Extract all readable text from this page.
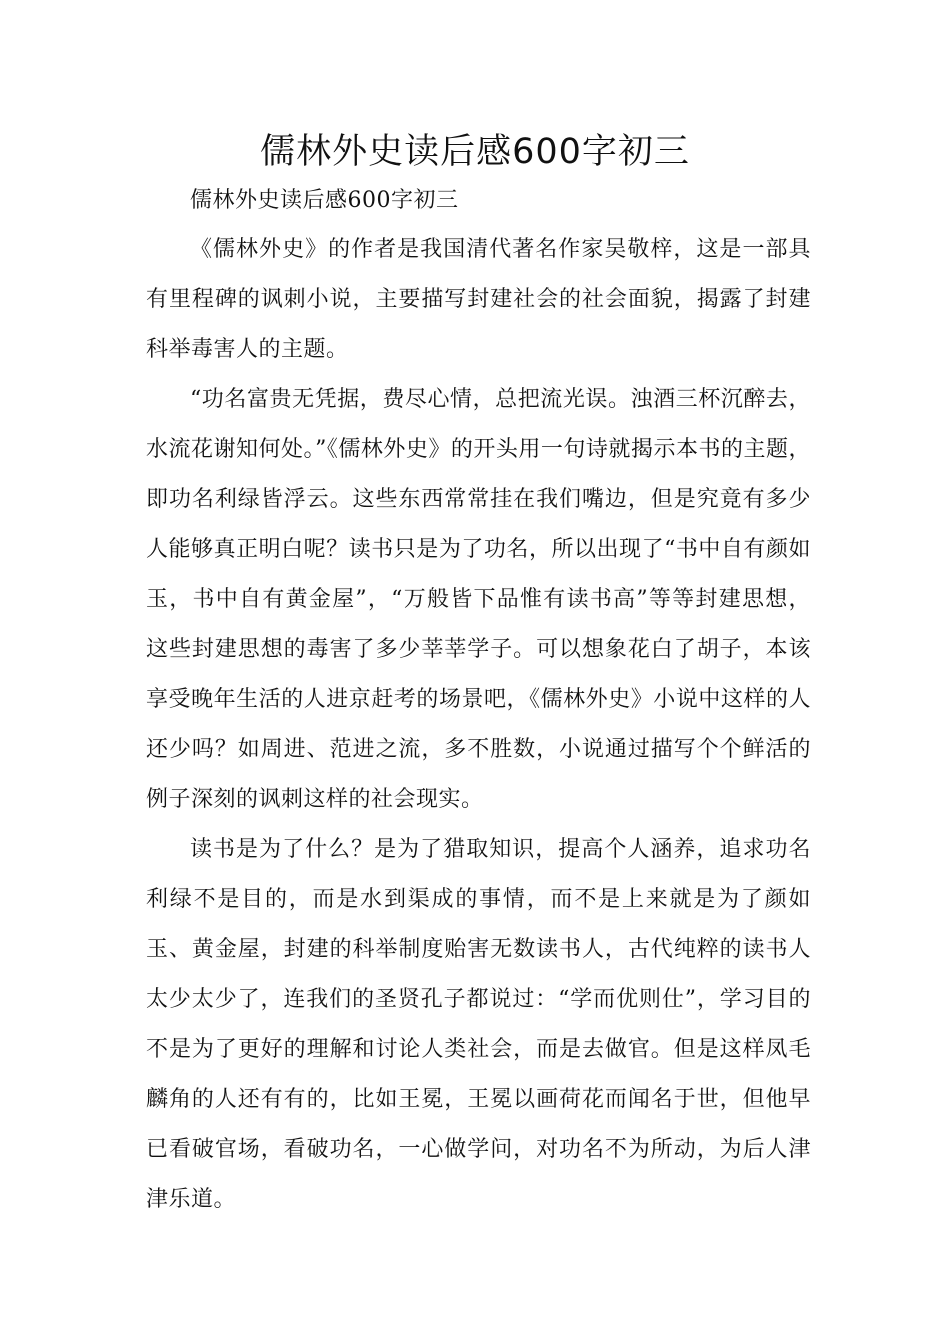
儒林外史读后感600字初三

儒林外史读后感600字初三

《儒林外史》的作者是我国清代著名作家吴敬梓，这是一部具有里程碑的讽刺小说，主要描写封建社会的社会面貌，揭露了封建科举毒害人的主题。

“功名富贵无凭据，费尽心情，总把流光误。浊酒三杯沉醉去，水流花谢知何处。”《儒林外史》的开头用一句诗就揭示本书的主题，即功名利绿皆浮云。这些东西常常挂在我们嘴边，但是究竟有多少人能够真正明白呢？读书只是为了功名，所以出现了“书中自有颜如玉，书中自有黄金屋”，“万般皆下品惟有读书高”等等封建思想，这些封建思想的毒害了多少莘莘学子。可以想象花白了胡子，本该享受晚年生活的人进京赶考的场景吧，《儒林外史》小说中这样的人还少吗？如周进、范进之流，多不胜数，小说通过描写个个鲜活的例子深刻的讽刺这样的社会现实。

读书是为了什么？是为了猎取知识，提高个人涵养，追求功名利绿不是目的，而是水到渠成的事情，而不是上来就是为了颜如玉、黄金屋，封建的科举制度贻害无数读书人，古代纯粹的读书人太少太少了，连我们的圣贤孔子都说过：“学而优则仕”，学习目的不是为了更好的理解和讨论人类社会，而是去做官。但是这样凤毛麟角的人还有有的，比如王冕，王冕以画荷花而闻名于世，但他早已看破官场，看破功名，一心做学问，对功名不为所动，为后人津津乐道。
